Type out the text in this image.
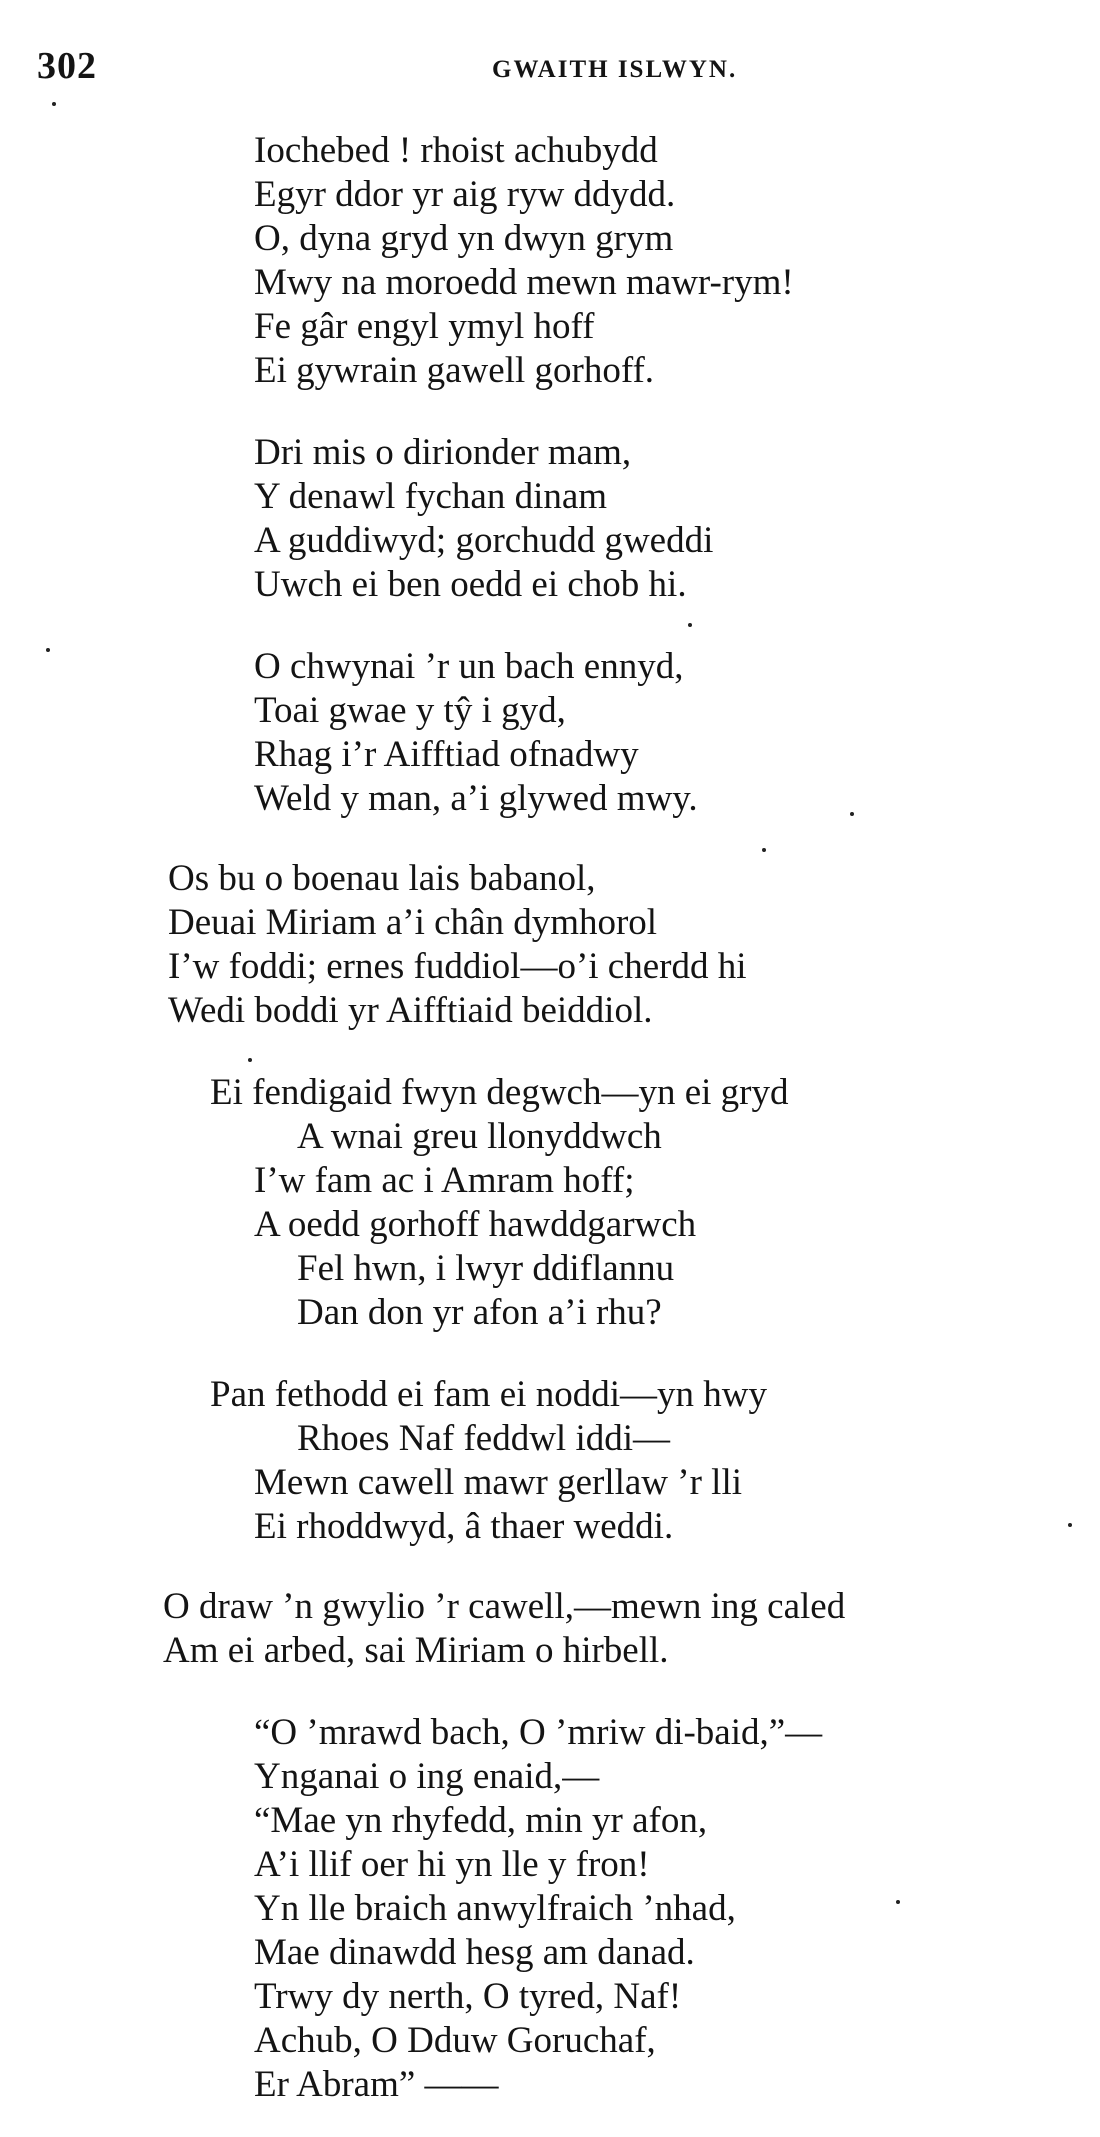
302	GWAITH ISLWYN.
Iochebed ! rhoist achubydd
Egyr ddor yr aig ryw ddydd.
O, dyna gryd yn dwyn grym
Mwy na moroedd mewn mawr-rym!
Fe gâr engyl ymyl hoff
Ei gywrain gawell gorhoff.
Dri mis o dirionder mam,
Y denawl fychan dinam
A guddiwyd; gorchudd gweddi
Uwch ei ben oedd ei chob hi.
O chwynai ’r un bach ennyd,
Toai gwae y tŷ i gyd,
Rhag i’r Aifftiad ofnadwy
Weld y man, a’i glywed mwy.
Os bu o boenau lais babanol,
Deuai Miriam a’i chân dymhorol
I’w foddi; ernes fuddiol—o’i cherdd hi
Wedi boddi yr Aifftiaid beiddiol.
Ei fendigaid fwyn degwch—yn ei gryd
A wnai greu llonyddwch
I’w fam ac i Amram hoff;
A oedd gorhoff hawddgarwch
Fel hwn, i lwyr ddiflannu
Dan don yr afon a’i rhu?
Pan fethodd ei fam ei noddi—yn hwy
Rhoes Naf feddwl iddi—
Mewn cawell mawr gerllaw ’r lli
Ei rhoddwyd, â thaer weddi.
O draw ’n gwylio ’r cawell,—mewn ing caled
Am ei arbed, sai Miriam o hirbell.
“O ’mrawd bach, O ’mriw di-baid,”—
Ynganai o ing enaid,—
“Mae yn rhyfedd, min yr afon,
A’i llif oer hi yn lle y fron!
Yn lle braich anwylfraich ’nhad,
Mae dinawdd hesg am danad.
Trwy dy nerth, O tyred, Naf!
Achub, O Dduw Goruchaf,
Er Abram” ——
